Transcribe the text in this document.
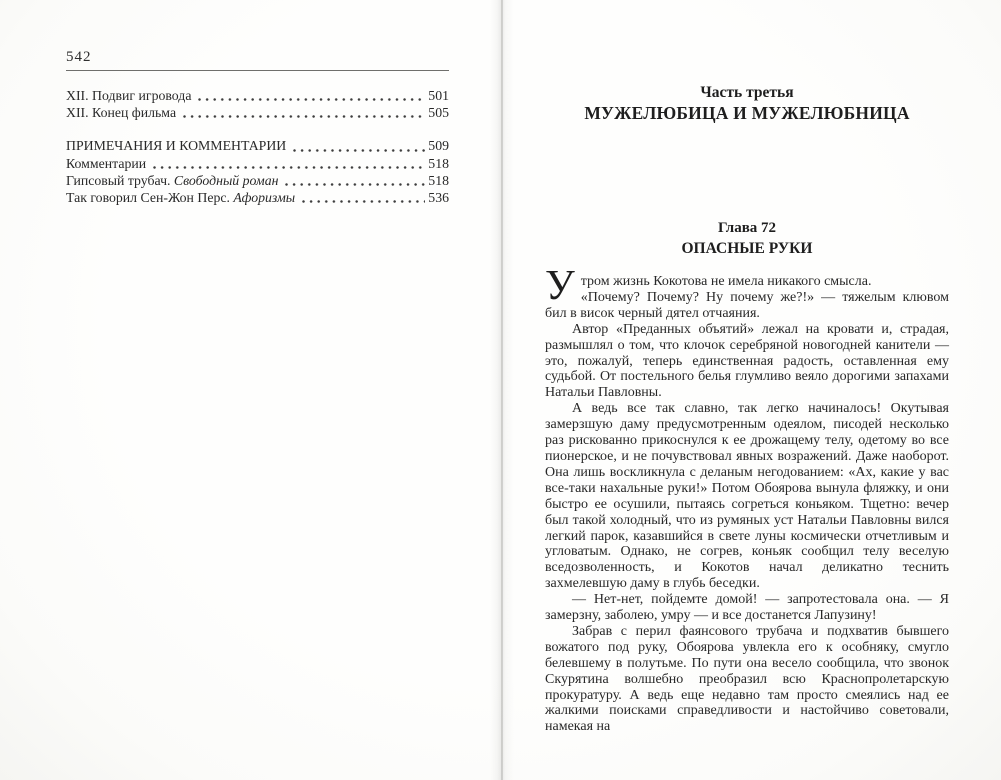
542
XII. Подвиг игровода	501
XII. Конец фильма	505
ПРИМЕЧАНИЯ И КОММЕНТАРИИ	509
Комментарии	518
Гипсовый трубач. Свободный роман	518
Так говорил Сен-Жон Перс. Афоризмы	536
Часть третья
МУЖЕЛЮБИЦА И МУЖЕЛЮБНИЦА
Глава 72
ОПАСНЫЕ РУКИ

Утром жизнь Кокотова не имела никакого смысла.

«Почему? Почему? Ну почему же?!» — тяжелым клювом бил в висок черный дятел отчаяния.

Автор «Преданных объятий» лежал на кровати и, страдая, размышлял о том, что клочок серебряной новогодней канители — это, пожалуй, теперь единственная радость, оставленная ему судьбой. От постельного белья глумливо веяло дорогими запахами Натальи Павловны.

А ведь все так славно, так легко начиналось! Окутывая замерзшую даму предусмотренным одеялом, писодей несколько раз рискованно прикоснулся к ее дрожащему телу, одетому во все пионерское, и не почувствовал явных возражений. Даже наоборот. Она лишь воскликнула с деланым негодованием: «Ах, какие у вас все-таки нахальные руки!» Потом Обоярова вынула фляжку, и они быстро ее осушили, пытаясь согреться коньяком. Тщетно: вечер был такой холодный, что из румяных уст Натальи Павловны вился легкий парок, казавшийся в свете луны космически отчетливым и угловатым. Однако, не согрев, коньяк сообщил телу веселую вседозволенность, и Кокотов начал деликатно теснить захмелевшую даму в глубь беседки.

— Нет-нет, пойдемте домой! — запротестовала она. — Я замерзну, заболею, умру — и все достанется Лапузину!

Забрав с перил фаянсового трубача и подхватив бывшего вожатого под руку, Обоярова увлекла его к особняку, смугло белевшему в полутьме. По пути она весело сообщила, что звонок Скурятина волшебно преобразил всю Краснопролетарскую прокуратуру. А ведь еще недавно там просто смеялись над ее жалкими поисками справедливости и настойчиво советовали, намекая на
